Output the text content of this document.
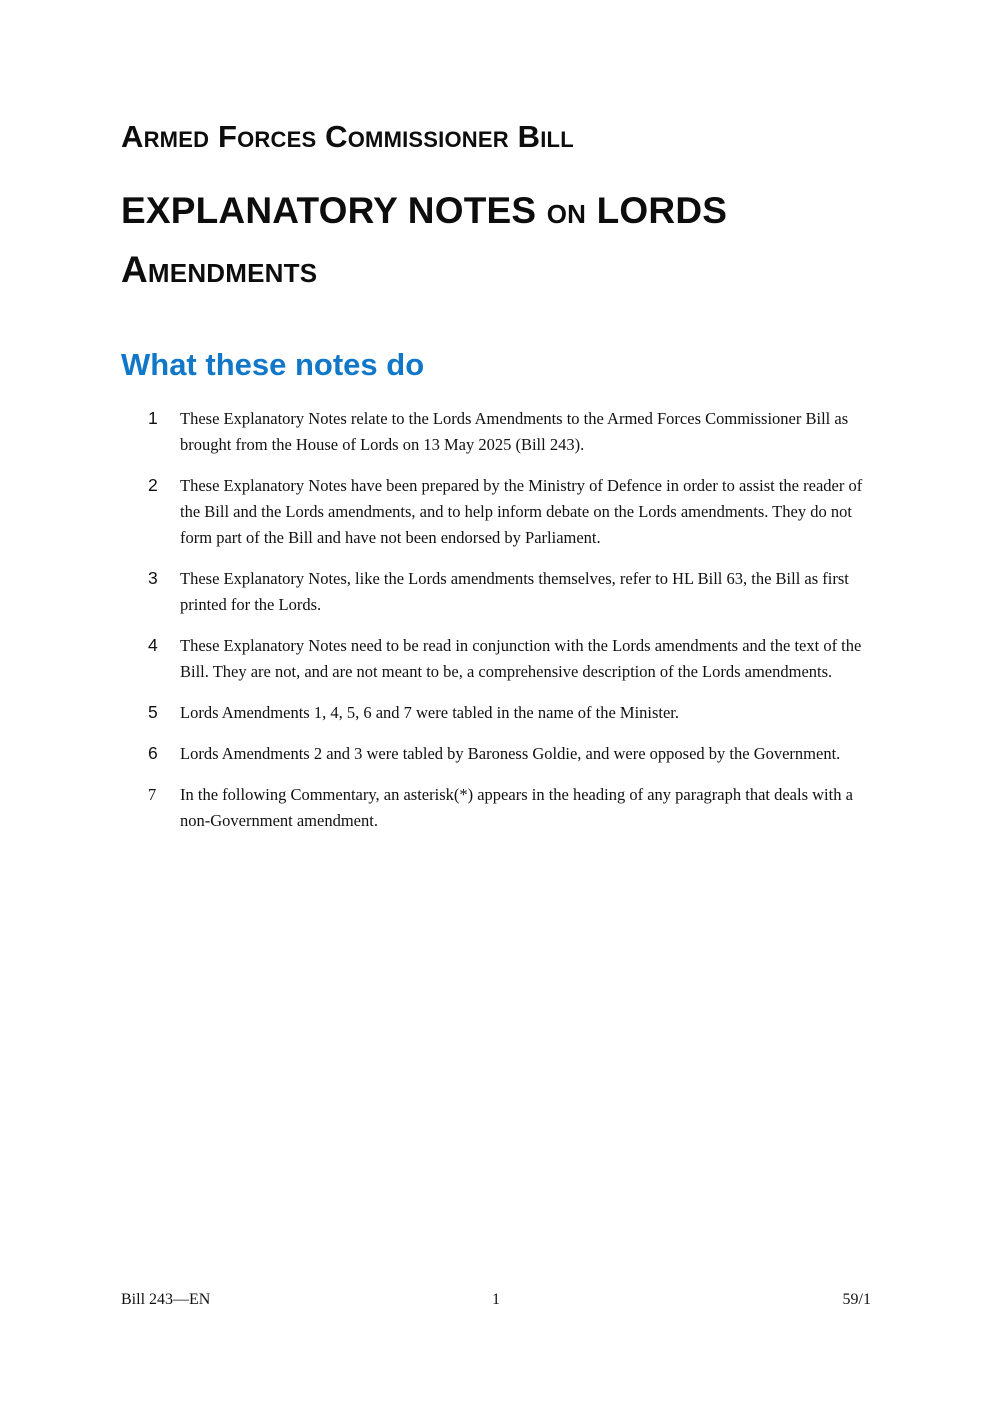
Armed Forces Commissioner Bill
EXPLANATORY NOTES on LORDS Amendments
What these notes do
1	These Explanatory Notes relate to the Lords Amendments to the Armed Forces Commissioner Bill as brought from the House of Lords on 13 May 2025 (Bill 243).
2	These Explanatory Notes have been prepared by the Ministry of Defence in order to assist the reader of the Bill and the Lords amendments, and to help inform debate on the Lords amendments. They do not form part of the Bill and have not been endorsed by Parliament.
3	These Explanatory Notes, like the Lords amendments themselves, refer to HL Bill 63, the Bill as first printed for the Lords.
4	These Explanatory Notes need to be read in conjunction with the Lords amendments and the text of the Bill. They are not, and are not meant to be, a comprehensive description of the Lords amendments.
5	Lords Amendments 1, 4, 5, 6 and 7 were tabled in the name of the Minister.
6	Lords Amendments 2 and 3 were tabled by Baroness Goldie, and were opposed by the Government.
7	In the following Commentary, an asterisk(*) appears in the heading of any paragraph that deals with a non-Government amendment.
Bill 243—EN	1	59/1
